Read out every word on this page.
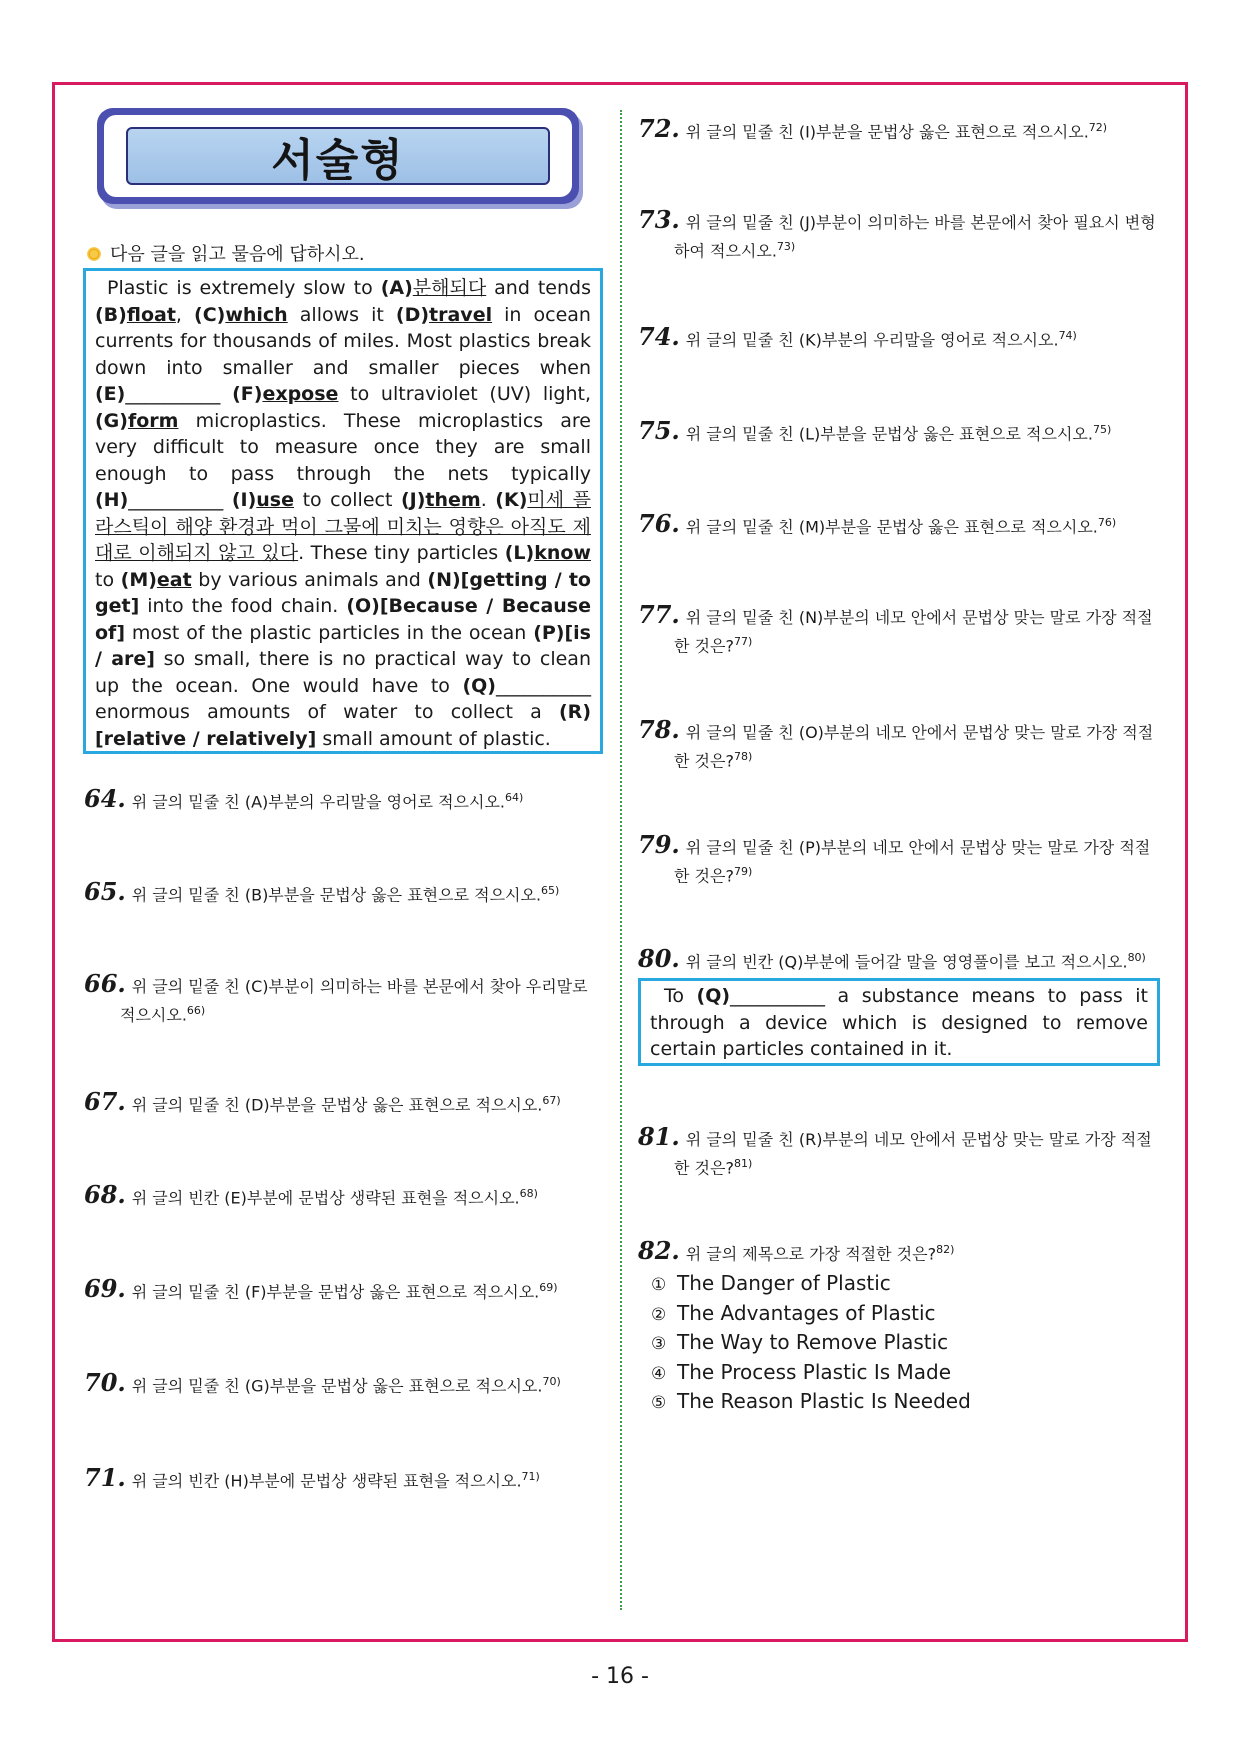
서술형
다음 글을 읽고 물음에 답하시오.
Plastic is extremely slow to (A)분해되다 and tends (B)float, (C)which allows it (D)travel in ocean currents for thousands of miles. Most plastics break down into smaller and smaller pieces when (E)__________ (F)expose to ultraviolet (UV) light, (G)form microplastics. These microplastics are very difficult to measure once they are small enough to pass through the nets typically (H)__________ (I)use to collect (J)them. (K)미세 플라스틱이 해양 환경과 먹이 그물에 미치는 영향은 아직도 제대로 이해되지 않고 있다. These tiny particles (L)know to (M)eat by various animals and (N)[getting / to get] into the food chain. (O)[Because / Because of] most of the plastic particles in the ocean (P)[is / are] so small, there is no practical way to clean up the ocean. One would have to (Q)__________ enormous amounts of water to collect a (R)[relative / relatively] small amount of plastic.
64. 위 글의 밑줄 친 (A)부분의 우리말을 영어로 적으시오.$^{64)}$
65. 위 글의 밑줄 친 (B)부분을 문법상 옳은 표현으로 적으시오.$^{65)}$
66. 위 글의 밑줄 친 (C)부분이 의미하는 바를 본문에서 찾아 우리말로
적으시오.$^{66)}$
67. 위 글의 밑줄 친 (D)부분을 문법상 옳은 표현으로 적으시오.$^{67)}$
68. 위 글의 빈칸 (E)부분에 문법상 생략된 표현을 적으시오.$^{68)}$
69. 위 글의 밑줄 친 (F)부분을 문법상 옳은 표현으로 적으시오.$^{69)}$
70. 위 글의 밑줄 친 (G)부분을 문법상 옳은 표현으로 적으시오.$^{70)}$
71. 위 글의 빈칸 (H)부분에 문법상 생략된 표현을 적으시오.$^{71)}$
72. 위 글의 밑줄 친 (I)부분을 문법상 옳은 표현으로 적으시오.$^{72)}$
73. 위 글의 밑줄 친 (J)부분이 의미하는 바를 본문에서 찾아 필요시 변형
하여 적으시오.$^{73)}$
74. 위 글의 밑줄 친 (K)부분의 우리말을 영어로 적으시오.$^{74)}$
75. 위 글의 밑줄 친 (L)부분을 문법상 옳은 표현으로 적으시오.$^{75)}$
76. 위 글의 밑줄 친 (M)부분을 문법상 옳은 표현으로 적으시오.$^{76)}$
77. 위 글의 밑줄 친 (N)부분의 네모 안에서 문법상 맞는 말로 가장 적절
한 것은?$^{77)}$
78. 위 글의 밑줄 친 (O)부분의 네모 안에서 문법상 맞는 말로 가장 적절
한 것은?$^{78)}$
79. 위 글의 밑줄 친 (P)부분의 네모 안에서 문법상 맞는 말로 가장 적절
한 것은?$^{79)}$
80. 위 글의 빈칸 (Q)부분에 들어갈 말을 영영풀이를 보고 적으시오.$^{80)}$
To (Q)__________ a substance means to pass it through a device which is designed to remove certain particles contained in it.
81. 위 글의 밑줄 친 (R)부분의 네모 안에서 문법상 맞는 말로 가장 적절
한 것은?$^{81)}$
82. 위 글의 제목으로 가장 적절한 것은?$^{82)}$
① The Danger of Plastic
② The Advantages of Plastic
③ The Way to Remove Plastic
④ The Process Plastic Is Made
⑤ The Reason Plastic Is Needed
- 16 -
